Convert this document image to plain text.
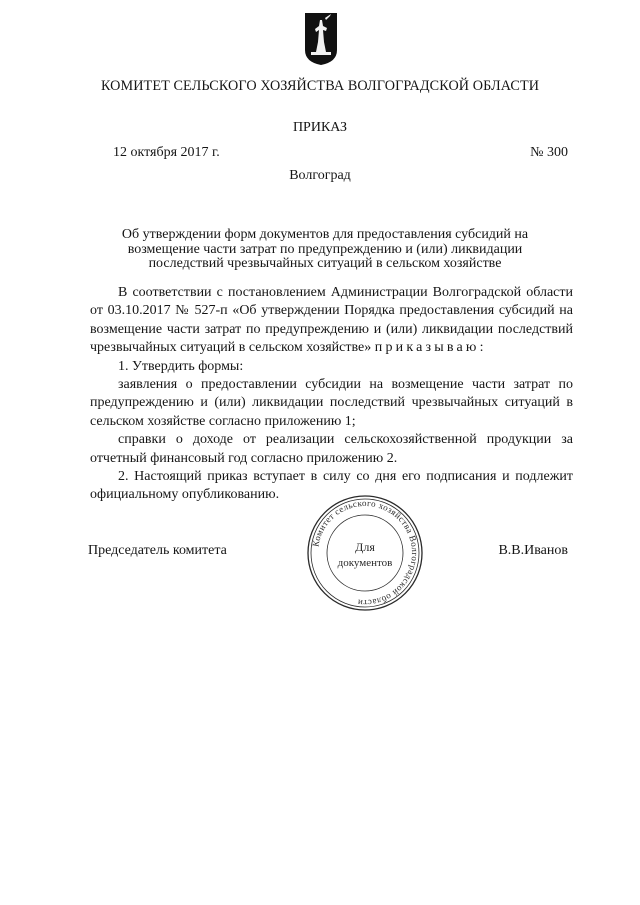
КОМИТЕТ СЕЛЬСКОГО ХОЗЯЙСТВА ВОЛГОГРАДСКОЙ ОБЛАСТИ
ПРИКАЗ
12 октября 2017 г.	№ 300
Волгоград
Об утверждении форм документов для предоставления субсидий на
возмещение части затрат по предупреждению и (или) ликвидации
последствий чрезвычайных ситуаций в сельском хозяйстве

В соответствии с постановлением Администрации Волгоградской области от 03.10.2017 № 527-п «Об утверждении Порядка предоставления субсидий на возмещение части затрат по предупреждению и (или) ликвидации последствий чрезвычайных ситуаций в сельском хозяйстве» приказываю:

1. Утвердить формы:

заявления о предоставлении субсидии на возмещение части затрат по предупреждению и (или) ликвидации последствий чрезвычайных ситуаций в сельском хозяйстве согласно приложению 1;

справки о доходе от реализации сельскохозяйственной продукции за отчетный финансовый год согласно приложению 2.

2. Настоящий приказ вступает в силу со дня его подписания и подлежит официальному опубликованию.

Председатель комитета	В.В.Иванов
Комитет сельского хозяйства Волгоградской области
Для
документов
